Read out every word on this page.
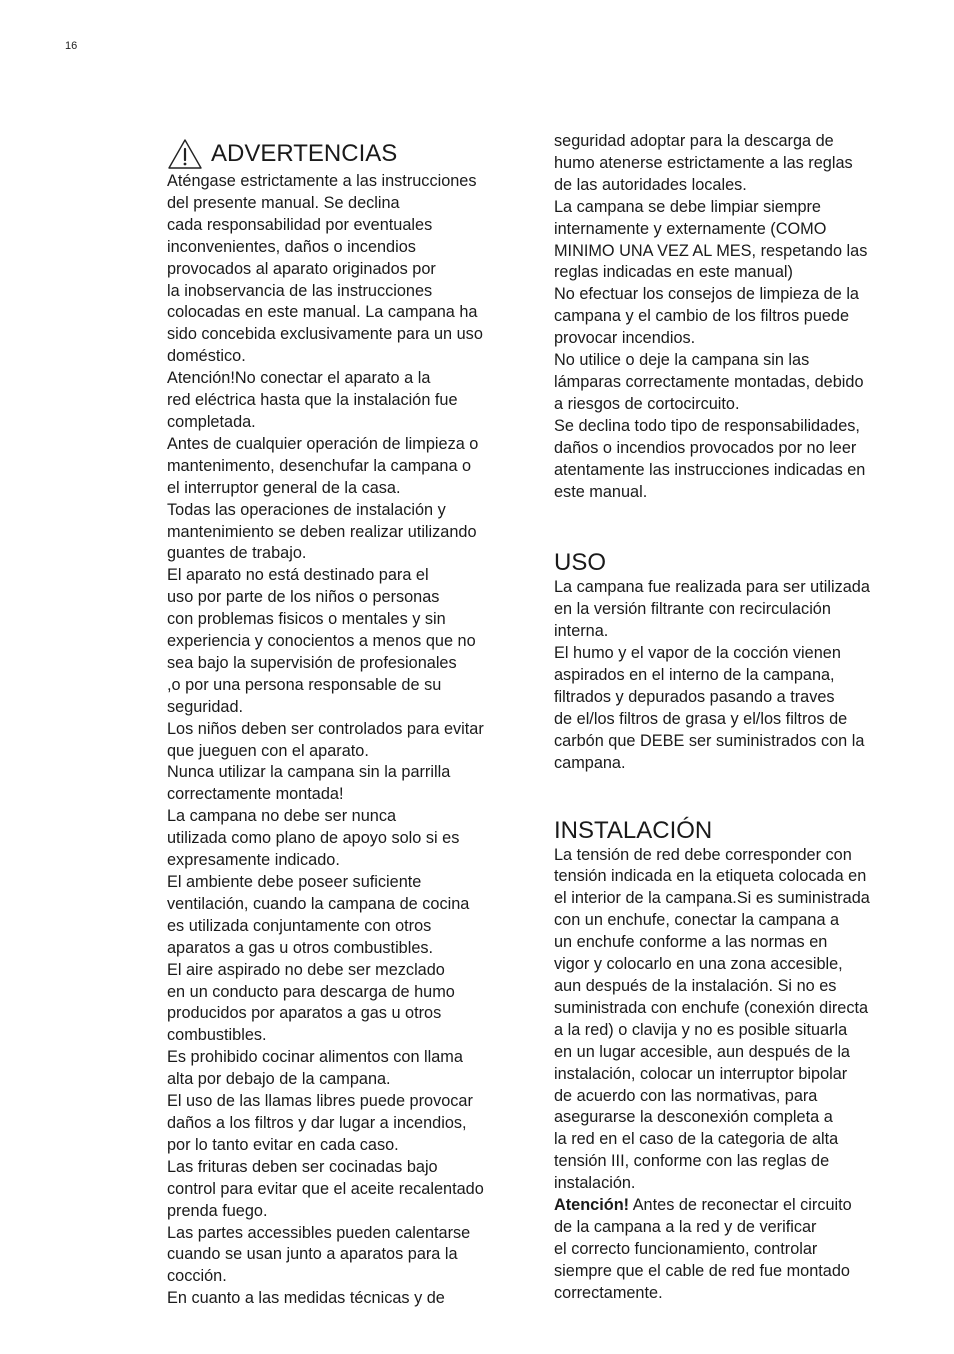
16
ADVERTENCIAS
Aténgase estrictamente a las instrucciones
del presente manual. Se declina
cada responsabilidad por eventuales
inconvenientes, daños o incendios
provocados al aparato originados por
la inobservancia de las instrucciones
colocadas en este manual. La campana ha
sido concebida exclusivamente para un uso
doméstico.
Atención!No conectar el aparato a la
red eléctrica hasta que la instalación fue
completada.
Antes de cualquier operación de limpieza o
mantenimento, desenchufar la campana o
el interruptor general de la casa.
Todas las operaciones de instalación y
mantenimiento se deben realizar utilizando
guantes de trabajo.
El aparato no está destinado para el
uso por parte de los niños o personas
con problemas fisicos o mentales y sin
experiencia y conocientos a menos que no
sea bajo la supervisión de profesionales
,o por una persona responsable de su
seguridad.
Los niños deben ser controlados para evitar
que jueguen con el aparato.
Nunca utilizar la campana sin la parrilla
correctamente montada!
La campana no debe ser nunca
utilizada como plano de apoyo solo si es
expresamente indicado.
El ambiente debe poseer suficiente
ventilación, cuando la campana de cocina
es utilizada conjuntamente con otros
aparatos a gas u otros combustibles.
El aire aspirado no debe ser mezclado
en un conducto para descarga de humo
producidos por aparatos a gas u otros
combustibles.
Es prohibido cocinar alimentos con llama
alta por debajo de la campana.
El uso de las llamas libres puede provocar
daños a los filtros y dar lugar a incendios,
por lo tanto evitar en cada caso.
Las frituras deben ser cocinadas bajo
control para evitar que el aceite recalentado
prenda fuego.
Las partes accessibles pueden calentarse
cuando se usan junto a aparatos para la
cocción.
En cuanto a las medidas técnicas y de
seguridad adoptar para la descarga de
humo atenerse estrictamente a las reglas
de las autoridades locales.
La campana se debe limpiar siempre
internamente y externamente (COMO
MINIMO UNA VEZ AL MES, respetando las
reglas indicadas en este manual)
No efectuar los consejos de limpieza de la
campana y el cambio de los filtros puede
provocar incendios.
No utilice o deje la campana sin las
lámparas correctamente montadas, debido
a riesgos de cortocircuito.
Se declina todo tipo de responsabilidades,
daños o incendios provocados por no leer
atentamente las instrucciones indicadas en
este manual.
USO
La campana fue realizada para ser utilizada
en la versión filtrante con recirculación
interna.
El humo y el vapor de la cocción vienen
aspirados en el interno de la campana,
filtrados y depurados pasando a traves
de el/los filtros de grasa y el/los filtros de
carbón que DEBE ser suministrados con la
campana.
INSTALACIÓN
La tensión de red debe corresponder con
tensión indicada en la etiqueta colocada en
el interior de la campana.Si es suministrada
con un enchufe, conectar la campana a
un enchufe conforme a las normas en
vigor y colocarlo en una zona accesible,
aun después de la instalación. Si no es
suministrada con enchufe (conexión directa
a la red) o clavija y no es posible situarla
en un lugar accesible, aun después de la
instalación, colocar un interruptor bipolar
de acuerdo con las normativas, para
asegurarse la desconexión completa a
la red en el caso de la categoria de alta
tensión III, conforme con las reglas de
instalación.
Atención! Antes de reconectar el circuito
de la campana a la red y de verificar
el correcto funcionamiento, controlar
siempre que el cable de red fue montado
correctamente.
